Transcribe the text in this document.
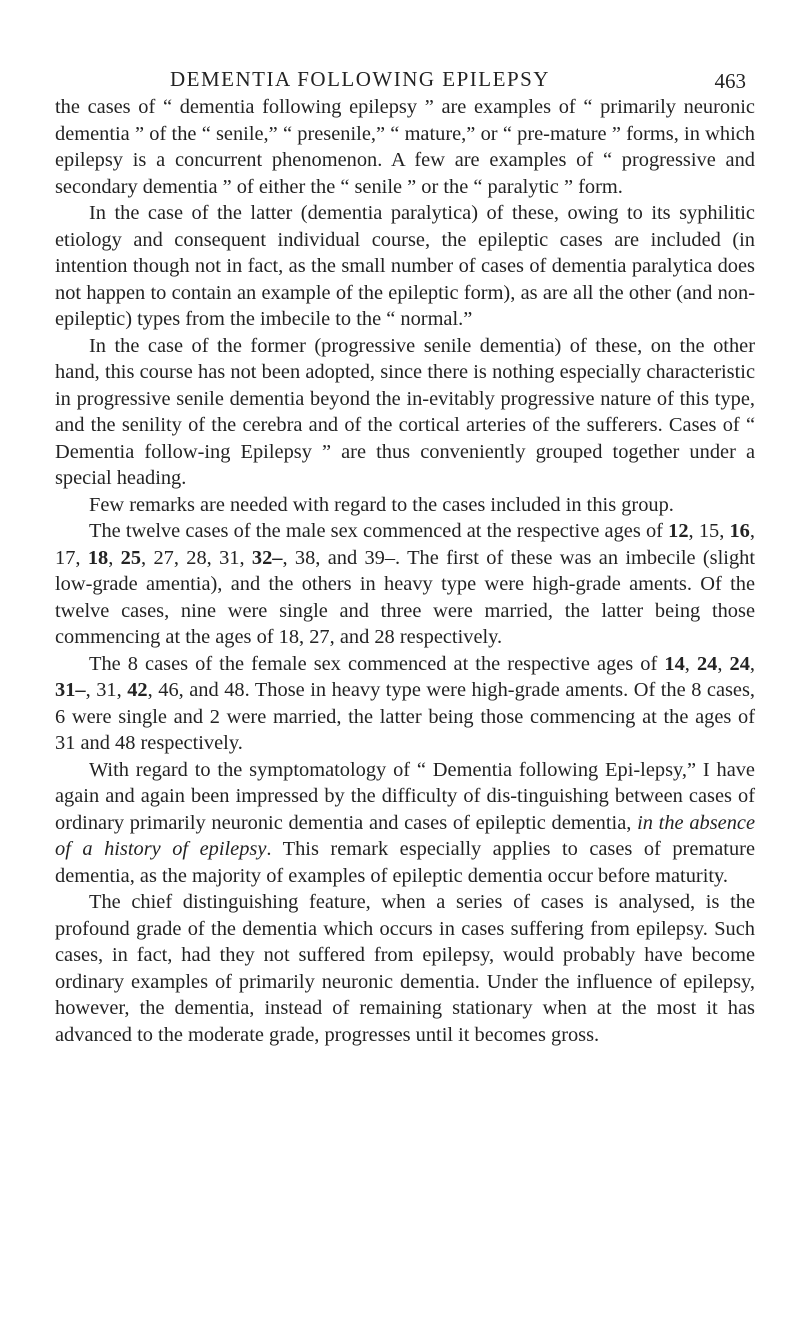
DEMENTIA FOLLOWING EPILEPSY	463

the cases of “ dementia following epilepsy ” are examples of “ primarily neuronic dementia ” of the “ senile,” “ presenile,” “ mature,” or “ pre-mature ” forms, in which epilepsy is a concurrent phenomenon. A few are examples of “ progressive and secondary dementia ” of either the “ senile ” or the “ paralytic ” form.

In the case of the latter (dementia paralytica) of these, owing to its syphilitic etiology and consequent individual course, the epileptic cases are included (in intention though not in fact, as the small number of cases of dementia paralytica does not happen to contain an example of the epileptic form), as are all the other (and non-epileptic) types from the imbecile to the “ normal.”

In the case of the former (progressive senile dementia) of these, on the other hand, this course has not been adopted, since there is nothing especially characteristic in progressive senile dementia beyond the in-evitably progressive nature of this type, and the senility of the cerebra and of the cortical arteries of the sufferers. Cases of “ Dementia follow-ing Epilepsy ” are thus conveniently grouped together under a special heading.

Few remarks are needed with regard to the cases included in this group.

The twelve cases of the male sex commenced at the respective ages of 12, 15, 16, 17, 18, 25, 27, 28, 31, 32–, 38, and 39–. The first of these was an imbecile (slight low-grade amentia), and the others in heavy type were high-grade aments. Of the twelve cases, nine were single and three were married, the latter being those commencing at the ages of 18, 27, and 28 respectively.

The 8 cases of the female sex commenced at the respective ages of 14, 24, 24, 31–, 31, 42, 46, and 48. Those in heavy type were high-grade aments. Of the 8 cases, 6 were single and 2 were married, the latter being those commencing at the ages of 31 and 48 respectively.

With regard to the symptomatology of “ Dementia following Epi-lepsy,” I have again and again been impressed by the difficulty of dis-tinguishing between cases of ordinary primarily neuronic dementia and cases of epileptic dementia, in the absence of a history of epilepsy. This remark especially applies to cases of premature dementia, as the majority of examples of epileptic dementia occur before maturity.

The chief distinguishing feature, when a series of cases is analysed, is the profound grade of the dementia which occurs in cases suffering from epilepsy. Such cases, in fact, had they not suffered from epilepsy, would probably have become ordinary examples of primarily neuronic dementia. Under the influence of epilepsy, however, the dementia, instead of remaining stationary when at the most it has advanced to the moderate grade, progresses until it becomes gross.
